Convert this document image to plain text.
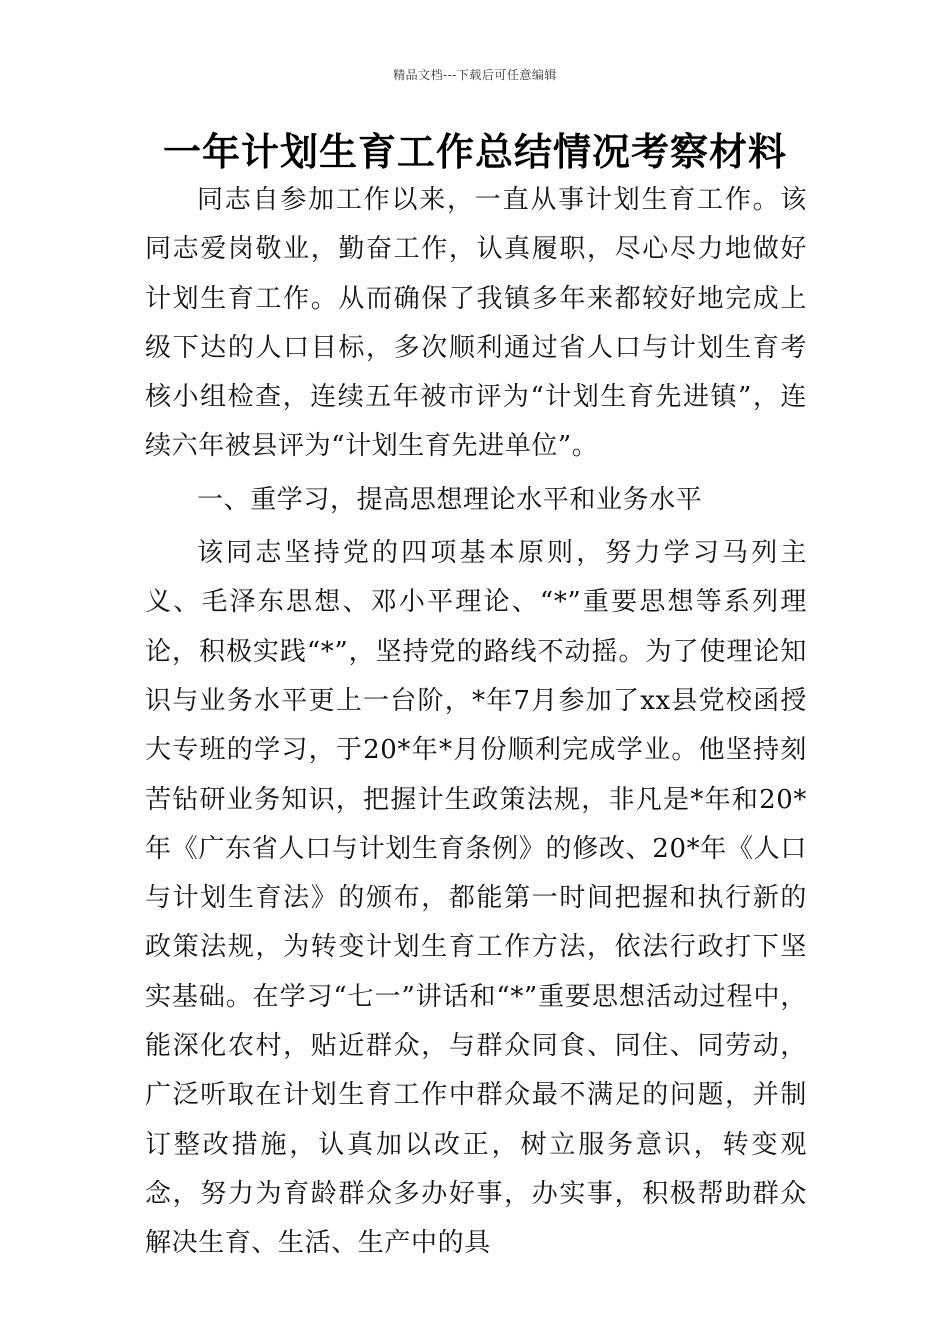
精品文档---下载后可任意编辑
一年计划生育工作总结情况考察材料

同志自参加工作以来，一直从事计划生育工作。该同志爱岗敬业，勤奋工作，认真履职，尽心尽力地做好计划生育工作。从而确保了我镇多年来都较好地完成上级下达的人口目标，多次顺利通过省人口与计划生育考核小组检查，连续五年被市评为“计划生育先进镇”，连续六年被县评为“计划生育先进单位”。

一、重学习，提高思想理论水平和业务水平

该同志坚持党的四项基本原则，努力学习马列主义、毛泽东思想、邓小平理论、“*”重要思想等系列理论，积极实践“*”，坚持党的路线不动摇。为了使理论知识与业务水平更上一台阶，*年7月参加了xx县党校函授大专班的学习，于20*年*月份顺利完成学业。他坚持刻苦钻研业务知识，把握计生政策法规，非凡是*年和20*年《广东省人口与计划生育条例》的修改、20*年《人口与计划生育法》的颁布，都能第一时间把握和执行新的政策法规，为转变计划生育工作方法，依法行政打下坚实基础。在学习“七一”讲话和“*”重要思想活动过程中，能深化农村，贴近群众，与群众同食、同住、同劳动，广泛听取在计划生育工作中群众最不满足的问题，并制订整改措施，认真加以改正，树立服务意识，转变观念，努力为育龄群众多办好事，办实事，积极帮助群众解决生育、生活、生产中的具
